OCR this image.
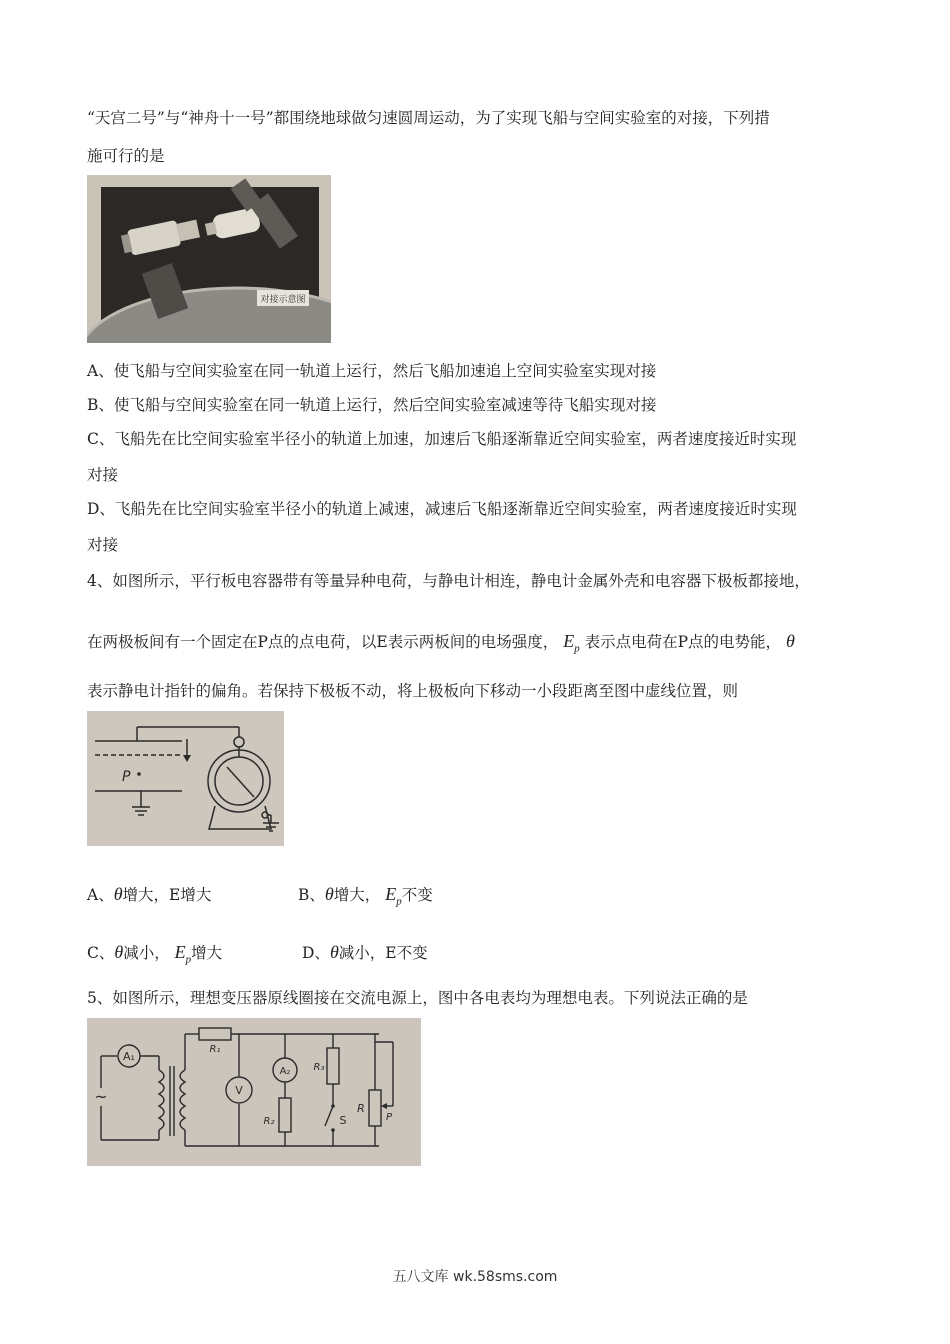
“天宫二号”与“神舟十一号”都围绕地球做匀速圆周运动，为了实现飞船与空间实验室的对接，下列措
施可行的是
对接示意图
A、使飞船与空间实验室在同一轨道上运行，然后飞船加速追上空间实验室实现对接
B、使飞船与空间实验室在同一轨道上运行，然后空间实验室减速等待飞船实现对接
C、飞船先在比空间实验室半径小的轨道上加速，加速后飞船逐渐靠近空间实验室，两者速度接近时实现
对接
D、飞船先在比空间实验室半径小的轨道上减速，减速后飞船逐渐靠近空间实验室，两者速度接近时实现
对接
4、如图所示，平行板电容器带有等量异种电荷，与静电计相连，静电计金属外壳和电容器下极板都接地，
在两极板间有一个固定在P点的点电荷，以E表示两板间的电场强度， $E_p$ 表示点电荷在P点的电势能， θ
表示静电计指针的偏角。若保持下极板不动，将上极板向下移动一小段距离至图中虚线位置，则
P
A、θ增大，E增大	B、θ增大， $E_p$不变
C、θ减小， $E_p$增大	D、θ减小，E不变
5、如图所示，理想变压器原线圈接在交流电源上，图中各电表均为理想电表。下列说法正确的是
A₁
~
R₁
V
A₂
R₂
R₃
S
R
P
五八文库 wk.58sms.com
